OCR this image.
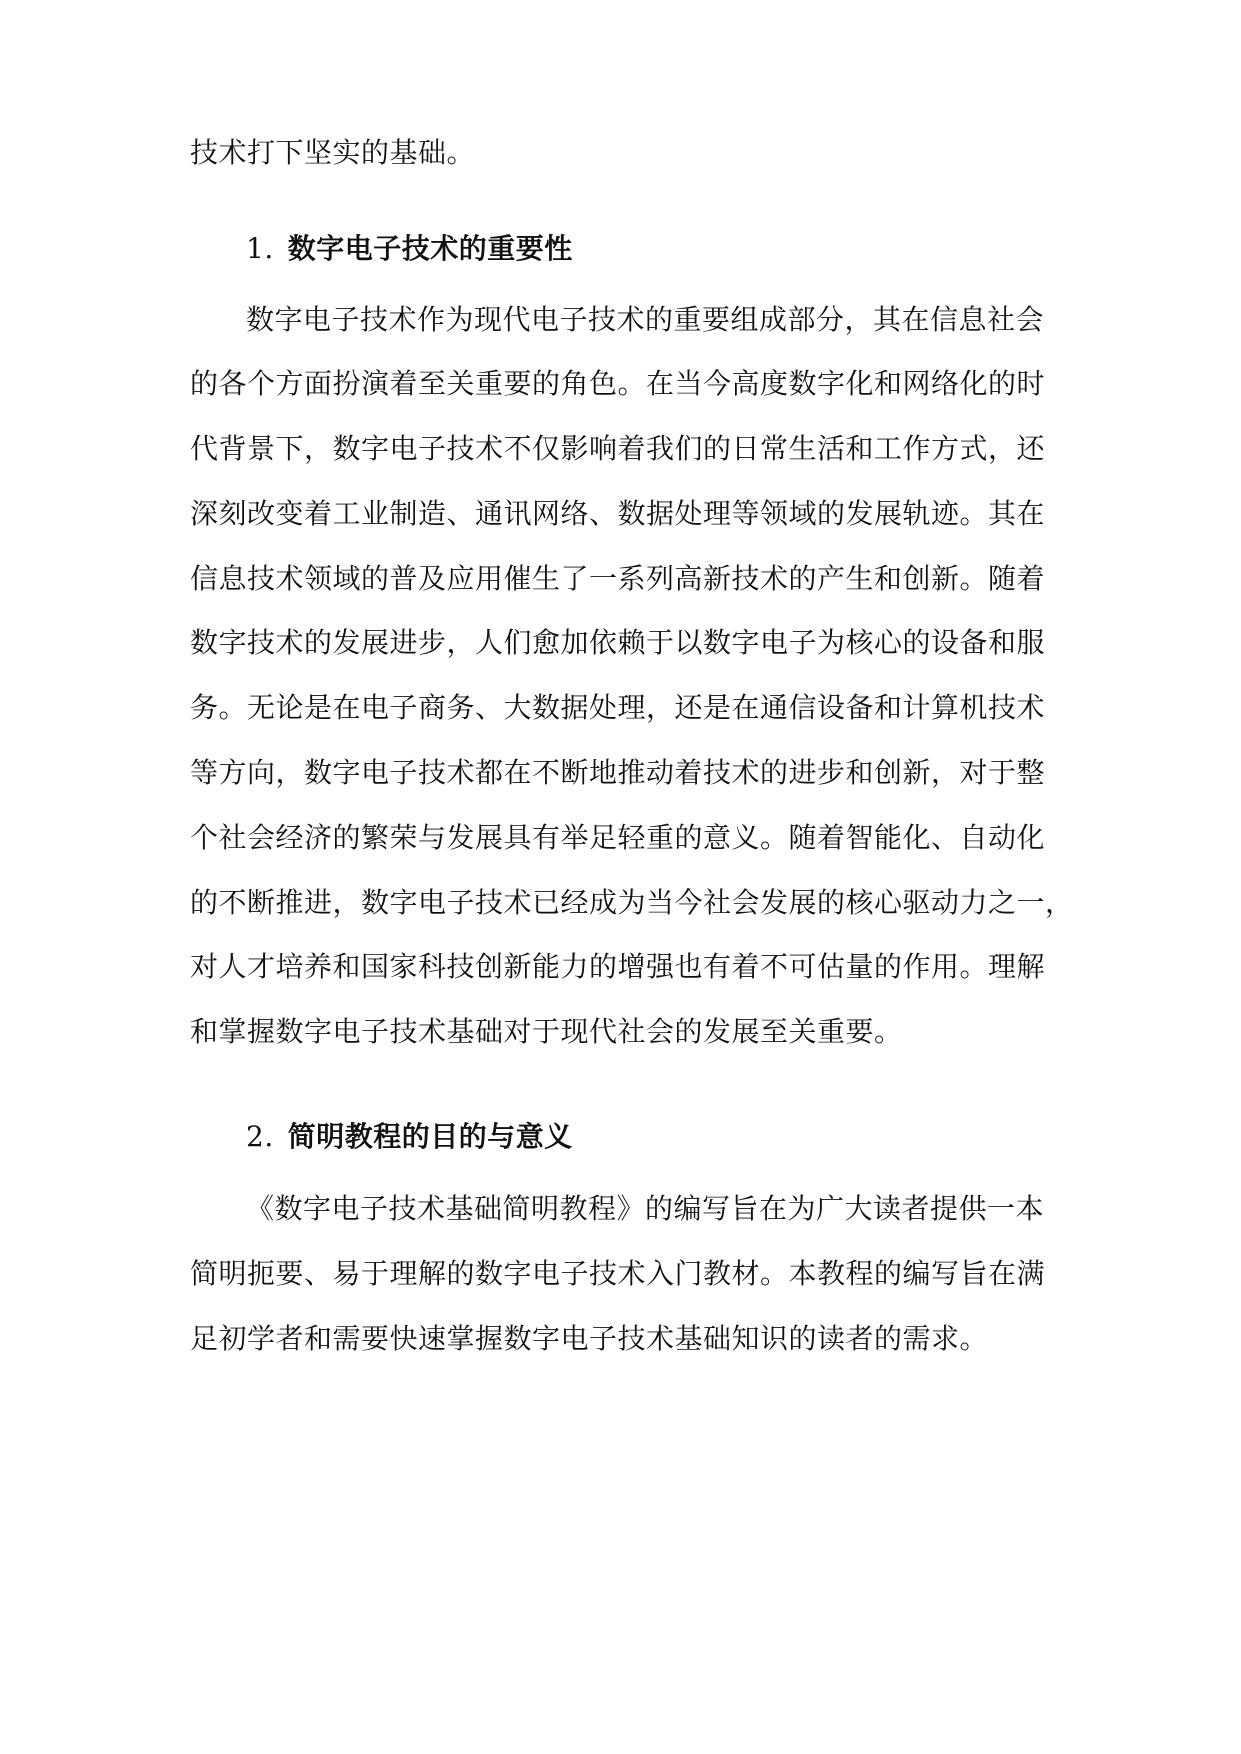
技术打下坚实的基础。
1. 数字电子技术的重要性
数字电子技术作为现代电子技术的重要组成部分，其在信息社会
的各个方面扮演着至关重要的角色。在当今高度数字化和网络化的时
代背景下，数字电子技术不仅影响着我们的日常生活和工作方式，还
深刻改变着工业制造、通讯网络、数据处理等领域的发展轨迹。其在
信息技术领域的普及应用催生了一系列高新技术的产生和创新。随着
数字技术的发展进步，人们愈加依赖于以数字电子为核心的设备和服
务。无论是在电子商务、大数据处理，还是在通信设备和计算机技术
等方向，数字电子技术都在不断地推动着技术的进步和创新，对于整
个社会经济的繁荣与发展具有举足轻重的意义。随着智能化、自动化
的不断推进，数字电子技术已经成为当今社会发展的核心驱动力之一，
对人才培养和国家科技创新能力的增强也有着不可估量的作用。理解
和掌握数字电子技术基础对于现代社会的发展至关重要。
2. 简明教程的目的与意义
《数字电子技术基础简明教程》的编写旨在为广大读者提供一本
简明扼要、易于理解的数字电子技术入门教材。本教程的编写旨在满
足初学者和需要快速掌握数字电子技术基础知识的读者的需求。
